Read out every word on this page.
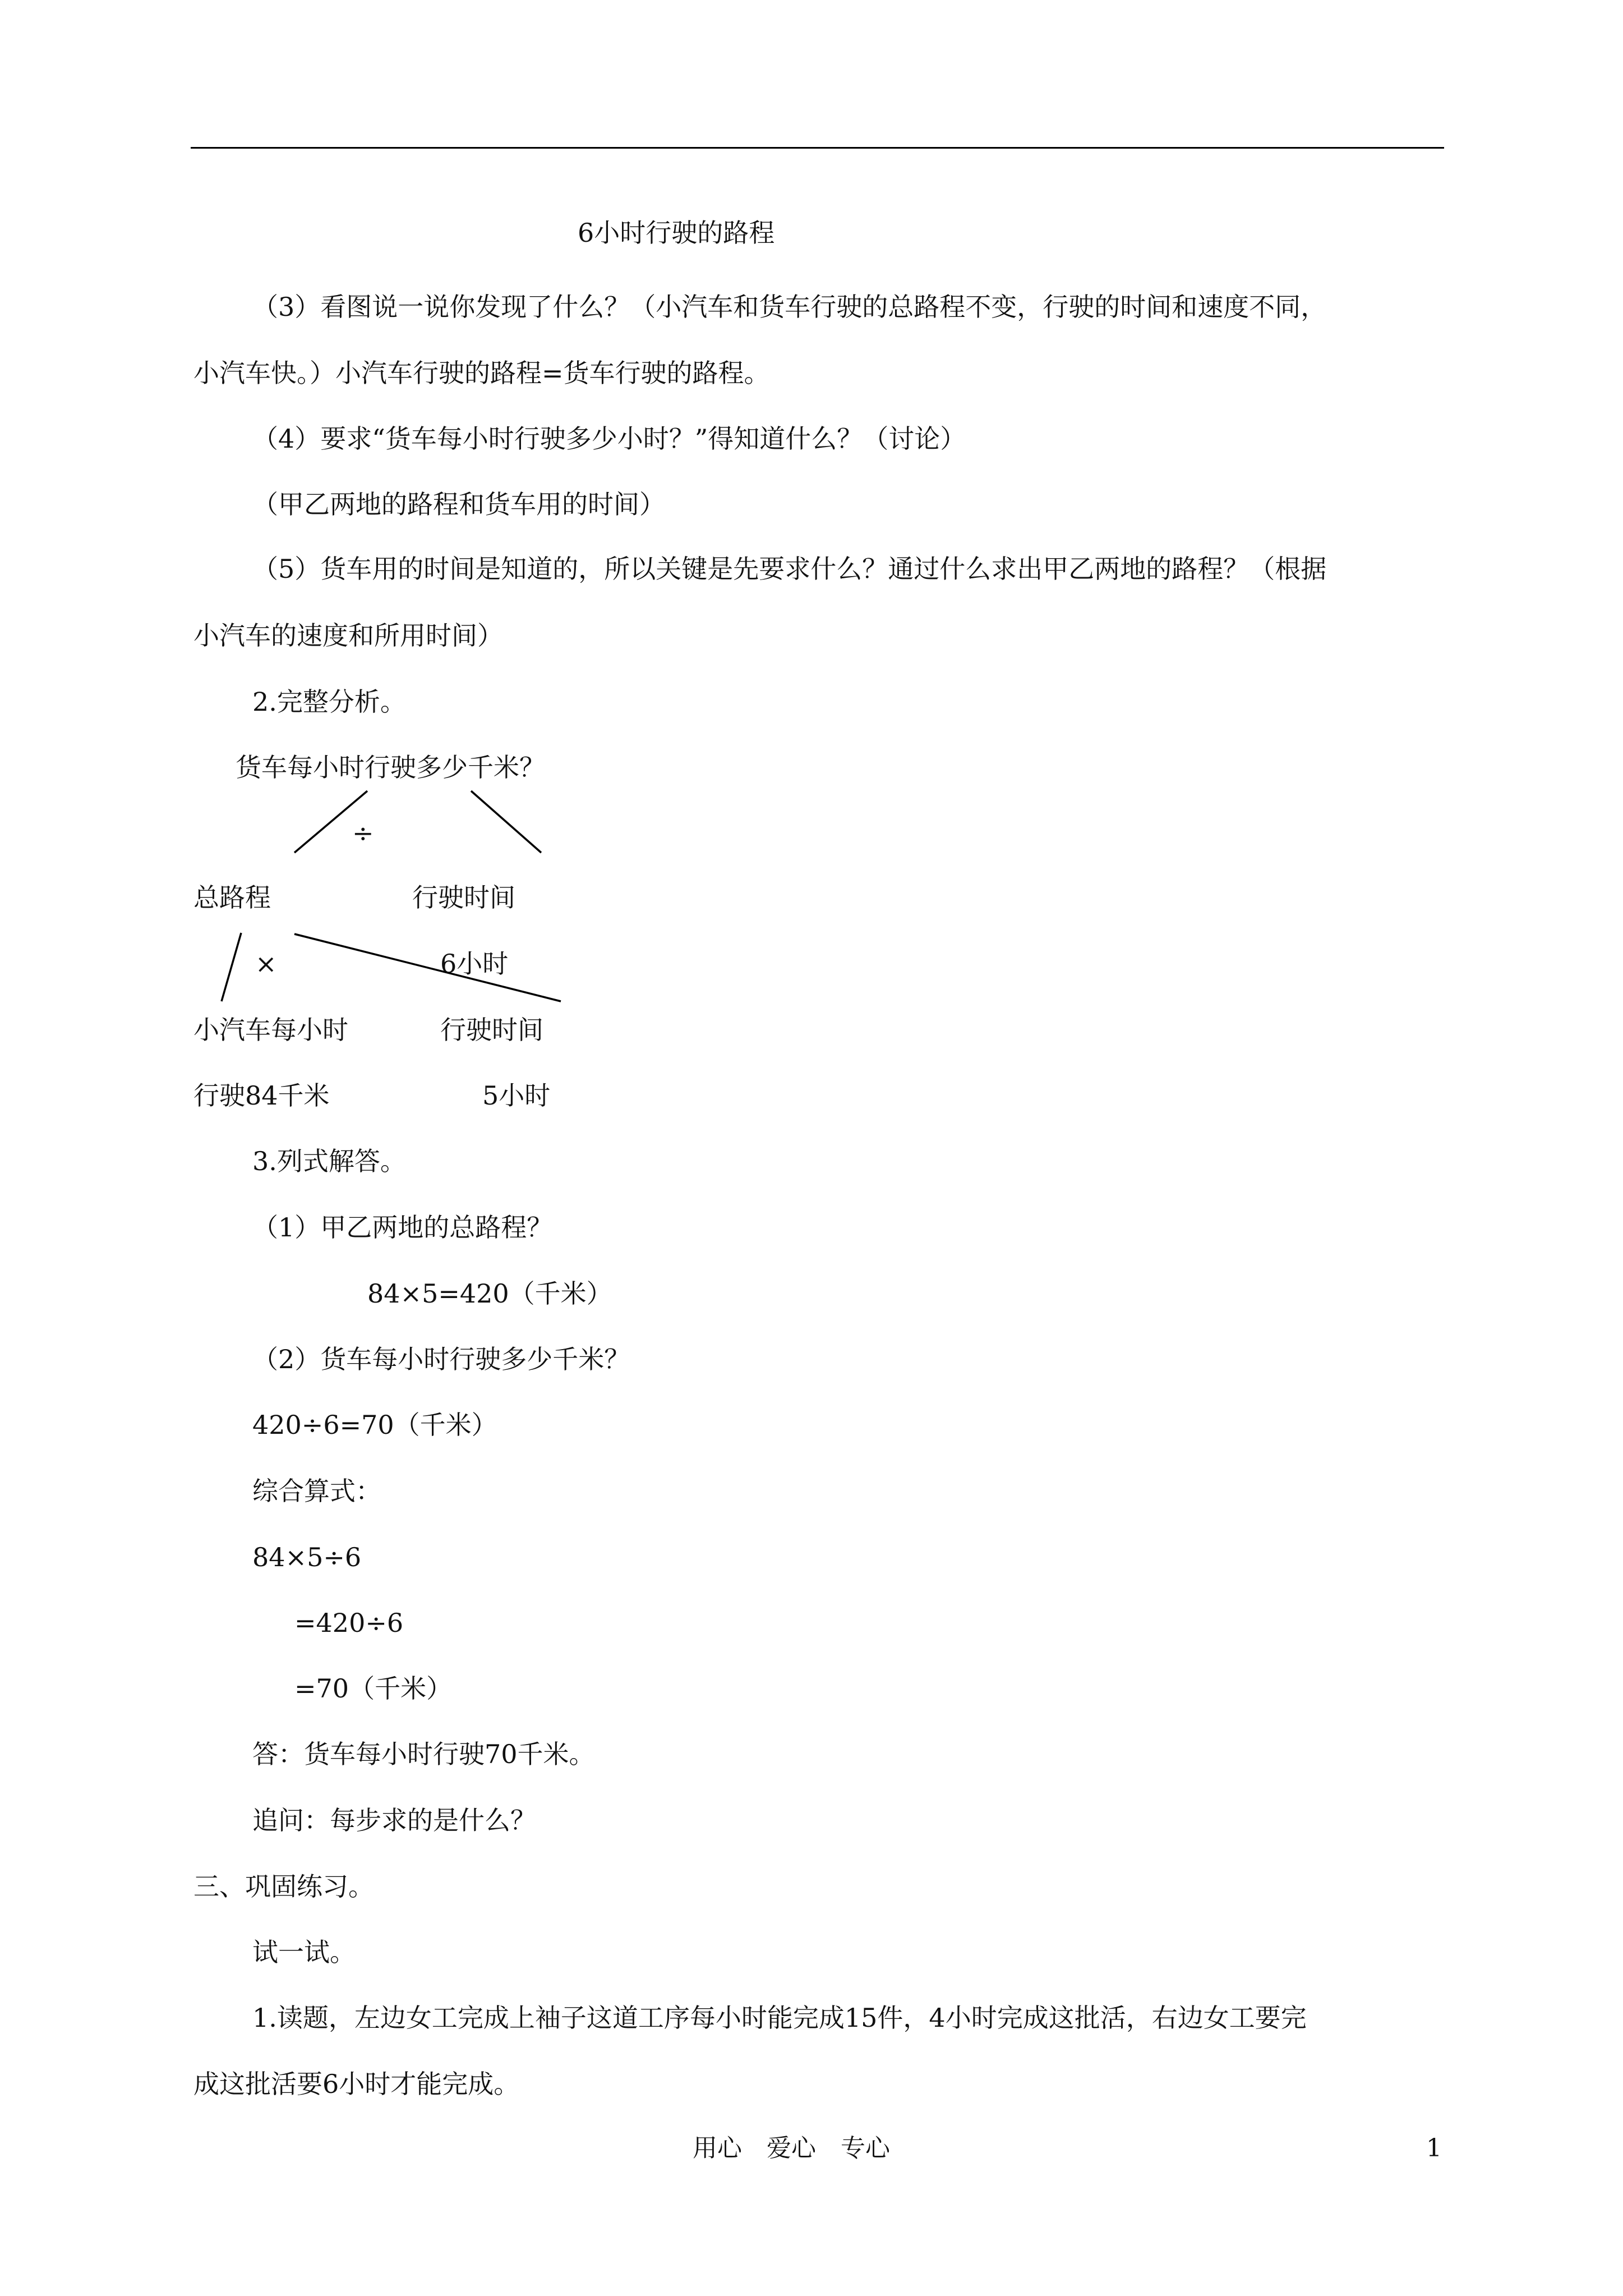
6小时行驶的路程
（3）看图说一说你发现了什么？（小汽车和货车行驶的总路程不变，行驶的时间和速度不同，
小汽车快。）小汽车行驶的路程=货车行驶的路程。
（4）要求“货车每小时行驶多少小时？”得知道什么？（讨论）
（甲乙两地的路程和货车用的时间）
（5）货车用的时间是知道的，所以关键是先要求什么？通过什么求出甲乙两地的路程？（根据
小汽车的速度和所用时间）
2.完整分析。
货车每小时行驶多少千米？
÷
总路程	行驶时间
×	6小时
小汽车每小时	行驶时间
行驶84千米	5小时
3.列式解答。
（1）甲乙两地的总路程？
84×5=420（千米）
（2）货车每小时行驶多少千米？
420÷6=70（千米）
综合算式：
84×5÷6
=420÷6
=70（千米）
答：货车每小时行驶70千米。
追问：每步求的是什么？
三、巩固练习。
试一试。
1.读题，左边女工完成上袖子这道工序每小时能完成15件，4小时完成这批活，右边女工要完
成这批活要6小时才能完成。
用心　爱心　专心	1
